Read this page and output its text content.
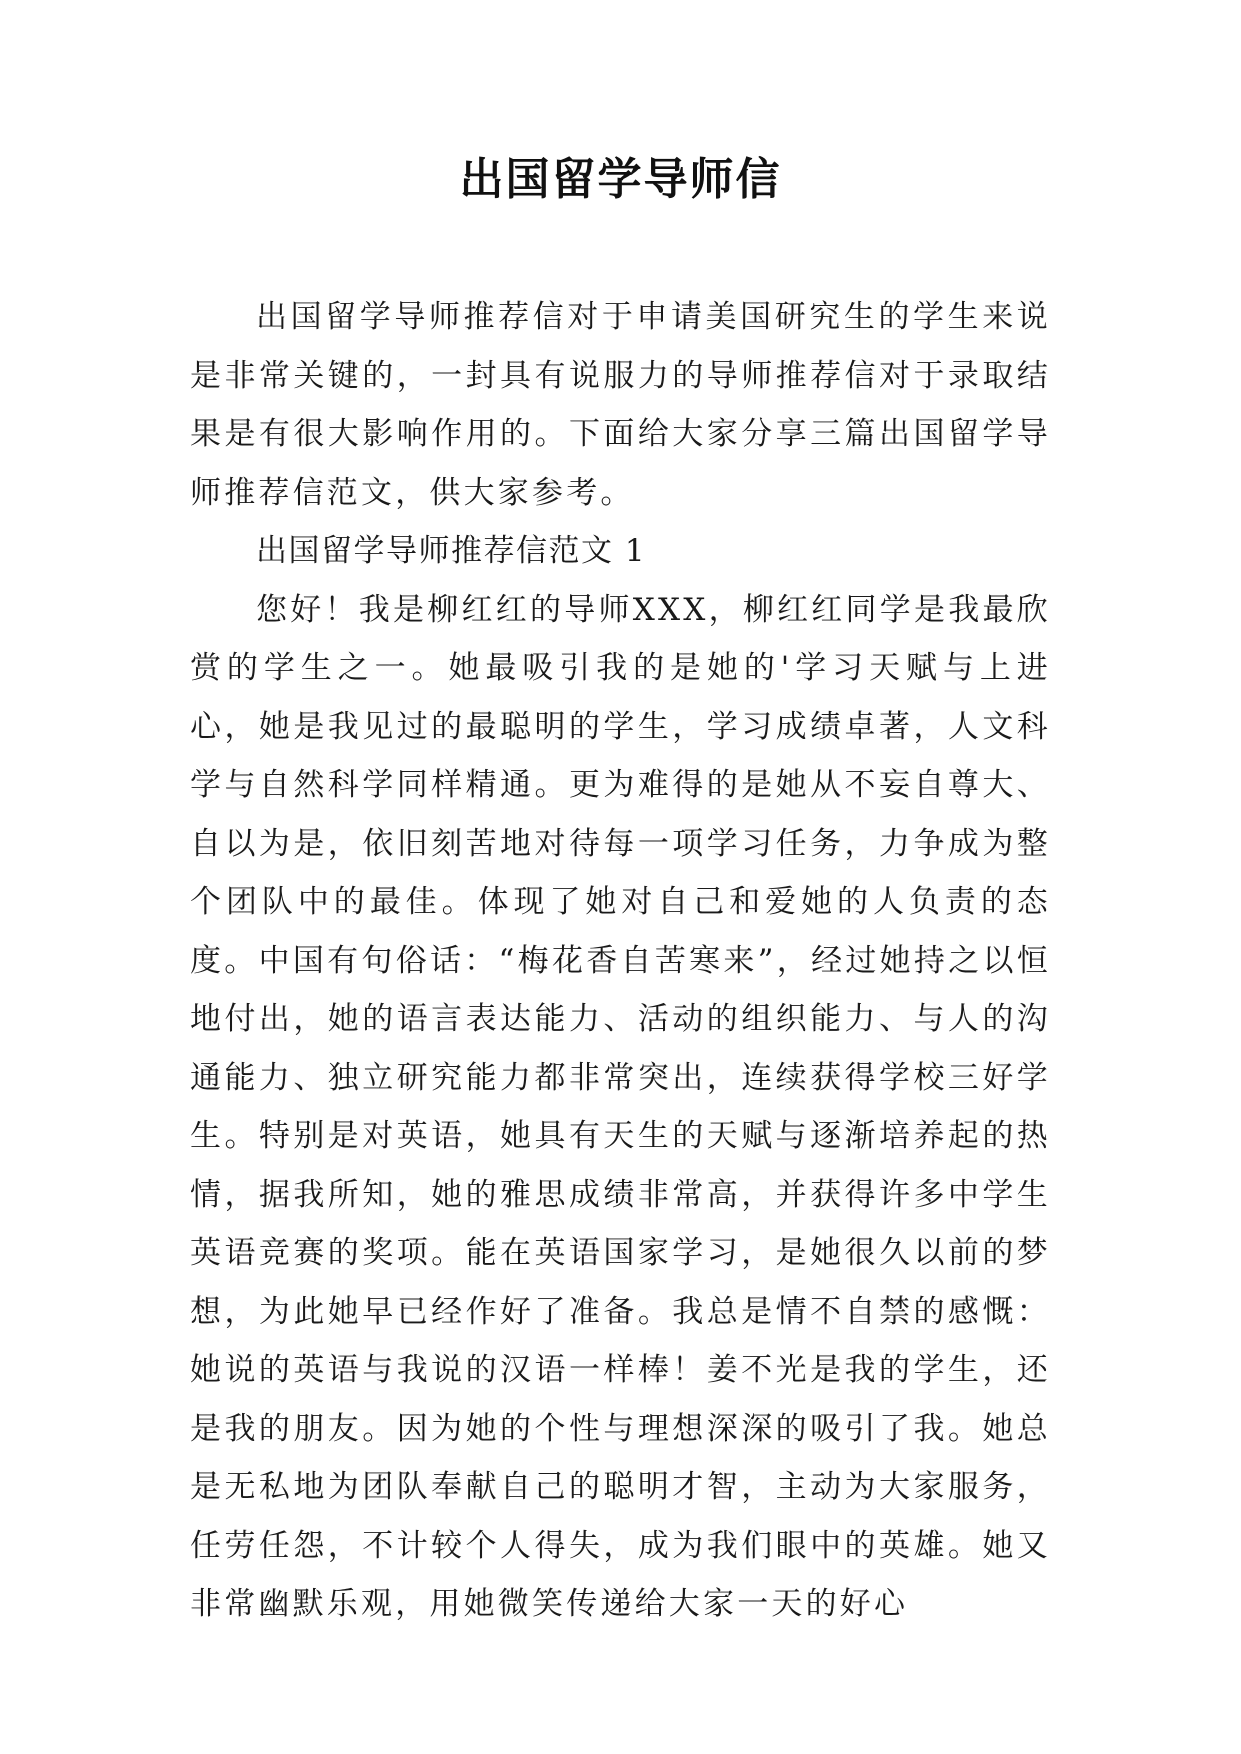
出国留学导师信

出国留学导师推荐信对于申请美国研究生的学生来说是非常关键的，一封具有说服力的导师推荐信对于录取结果是有很大影响作用的。下面给大家分享三篇出国留学导师推荐信范文，供大家参考。

出国留学导师推荐信范文 1

您好！我是柳红红的导师XXX，柳红红同学是我最欣赏的学生之一。她最吸引我的是她的'学习天赋与上进心，她是我见过的最聪明的学生，学习成绩卓著，人文科学与自然科学同样精通。更为难得的是她从不妄自尊大、自以为是，依旧刻苦地对待每一项学习任务，力争成为整个团队中的最佳。体现了她对自己和爱她的人负责的态度。中国有句俗话：“梅花香自苦寒来”，经过她持之以恒地付出，她的语言表达能力、活动的组织能力、与人的沟通能力、独立研究能力都非常突出，连续获得学校三好学生。特别是对英语，她具有天生的天赋与逐渐培养起的热情，据我所知，她的雅思成绩非常高，并获得许多中学生英语竞赛的奖项。能在英语国家学习，是她很久以前的梦想，为此她早已经作好了准备。我总是情不自禁的感慨：她说的英语与我说的汉语一样棒！姜不光是我的学生，还是我的朋友。因为她的个性与理想深深的吸引了我。她总是无私地为团队奉献自己的聪明才智，主动为大家服务，任劳任怨，不计较个人得失，成为我们眼中的英雄。她又非常幽默乐观，用她微笑传递给大家一天的好心
